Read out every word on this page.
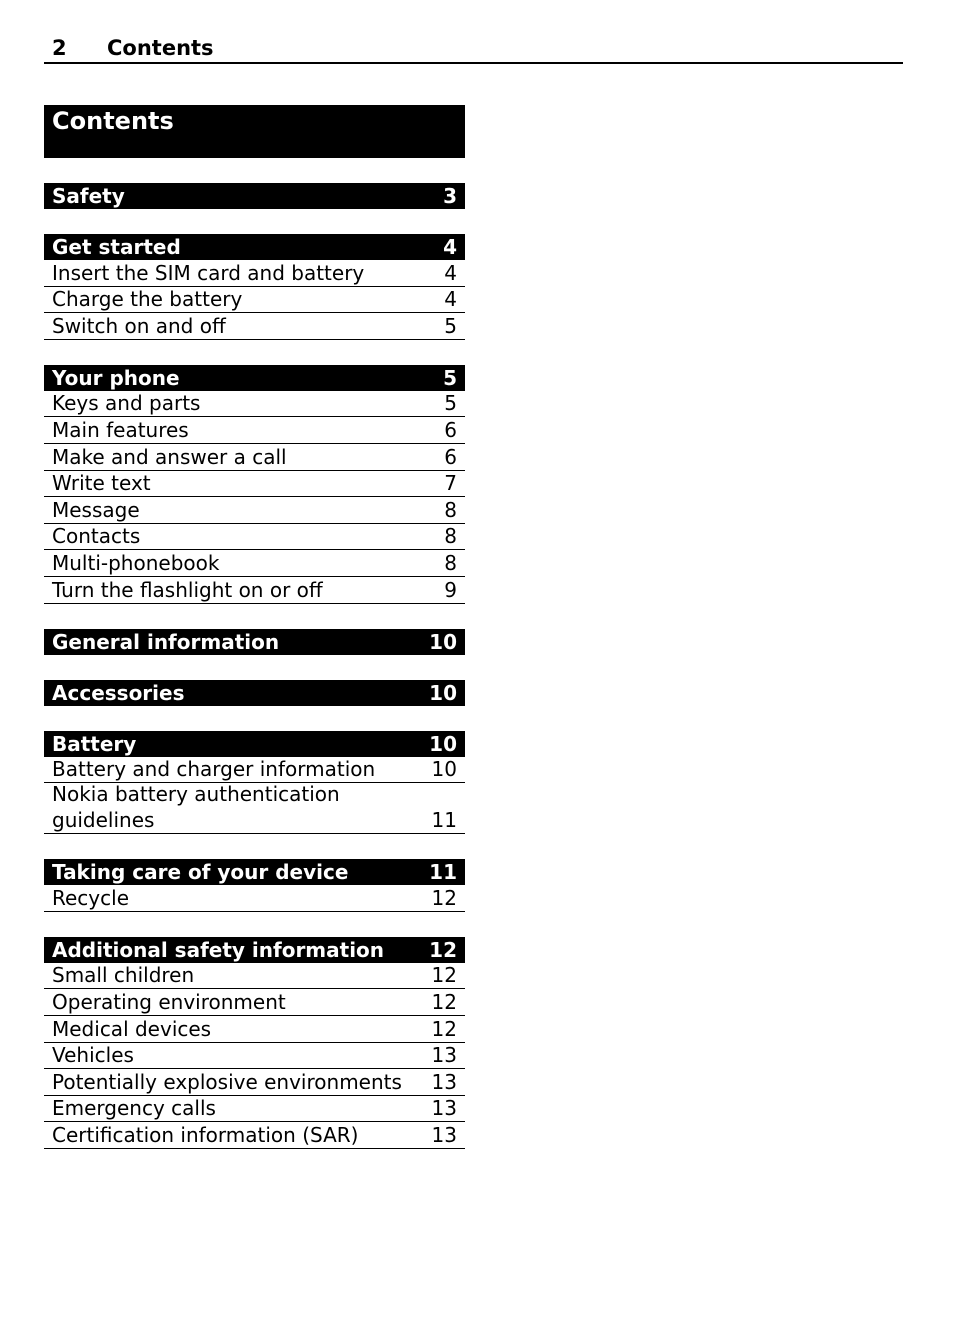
2 Contents
Contents
Safety	3
Get started	4
Insert the SIM card and battery	4
Charge the battery	4
Switch on and off	5
Your phone	5
Keys and parts	5
Main features	6
Make and answer a call	6
Write text	7
Message	8
Contacts	8
Multi-phonebook	8
Turn the flashlight on or off	9
General information	10
Accessories	10
Battery	10
Battery and charger information	10
Nokia battery authentication guidelines	11
Taking care of your device	11
Recycle	12
Additional safety information 12
Small children	12
Operating environment	12
Medical devices	12
Vehicles	13
Potentially explosive environments	13
Emergency calls	13
Certification information (SAR)	13
